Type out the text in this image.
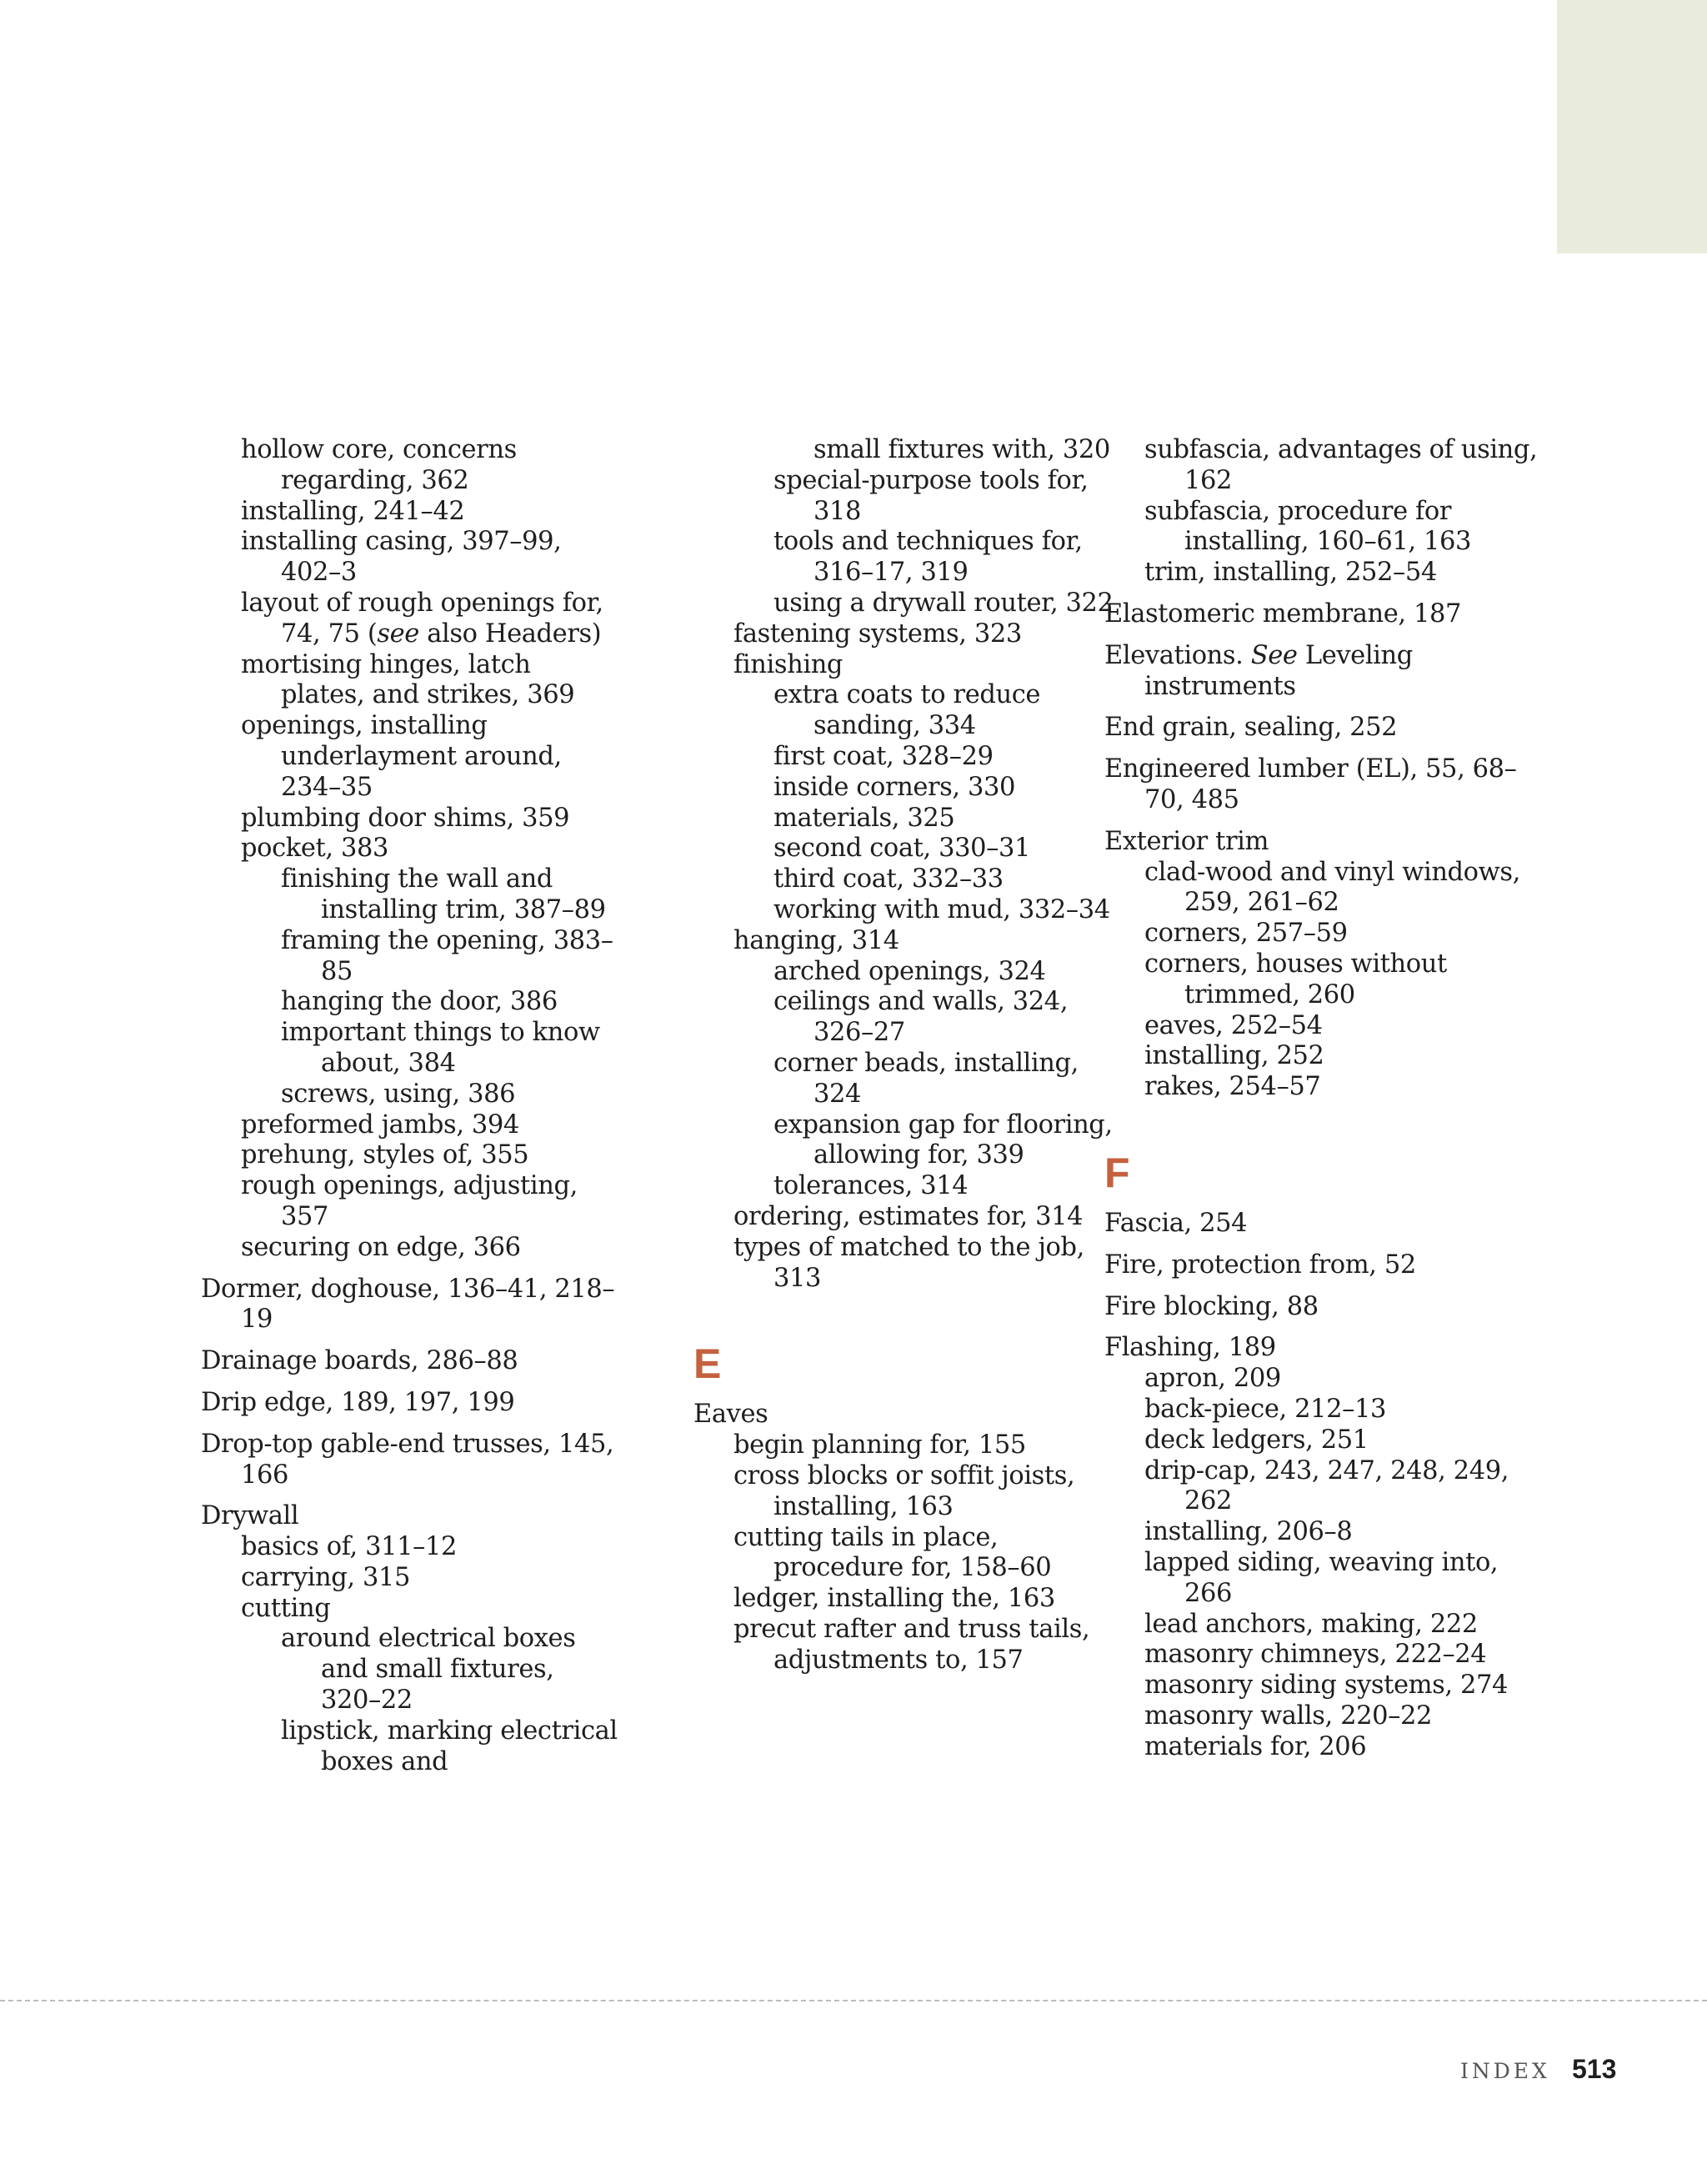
hollow core, concerns regarding, 362
installing, 241–42
installing casing, 397–99, 402–3
layout of rough openings for, 74, 75 (see also Headers)
mortising hinges, latch plates, and strikes, 369
openings, installing underlayment around, 234–35
plumbing door shims, 359
pocket, 383
finishing the wall and installing trim, 387–89
framing the opening, 383–85
hanging the door, 386
important things to know about, 384
screws, using, 386
preformed jambs, 394
prehung, styles of, 355
rough openings, adjusting, 357
securing on edge, 366
Dormer, doghouse, 136–41, 218–19
Drainage boards, 286–88
Drip edge, 189, 197, 199
Drop-top gable-end trusses, 145, 166
Drywall
basics of, 311–12
carrying, 315
cutting
around electrical boxes and small fixtures, 320–22
lipstick, marking electrical boxes and
small fixtures with, 320
special-purpose tools for, 318
tools and techniques for, 316–17, 319
using a drywall router, 322
fastening systems, 323
finishing
extra coats to reduce sanding, 334
first coat, 328–29
inside corners, 330
materials, 325
second coat, 330–31
third coat, 332–33
working with mud, 332–34
hanging, 314
arched openings, 324
ceilings and walls, 324, 326–27
corner beads, installing, 324
expansion gap for flooring, allowing for, 339
tolerances, 314
ordering, estimates for, 314
types of matched to the job, 313
E
Eaves
begin planning for, 155
cross blocks or soffit joists, installing, 163
cutting tails in place, procedure for, 158–60
ledger, installing the, 163
precut rafter and truss tails, adjustments to, 157
subfascia, advantages of using, 162
subfascia, procedure for installing, 160–61, 163
trim, installing, 252–54
Elastomeric membrane, 187
Elevations. See Leveling instruments
End grain, sealing, 252
Engineered lumber (EL), 55, 68–70, 485
Exterior trim
clad-wood and vinyl windows, 259, 261–62
corners, 257–59
corners, houses without trimmed, 260
eaves, 252–54
installing, 252
rakes, 254–57
F
Fascia, 254
Fire, protection from, 52
Fire blocking, 88
Flashing, 189
apron, 209
back-piece, 212–13
deck ledgers, 251
drip-cap, 243, 247, 248, 249, 262
installing, 206–8
lapped siding, weaving into, 266
lead anchors, making, 222
masonry chimneys, 222–24
masonry siding systems, 274
masonry walls, 220–22
materials for, 206
INDEX 513
